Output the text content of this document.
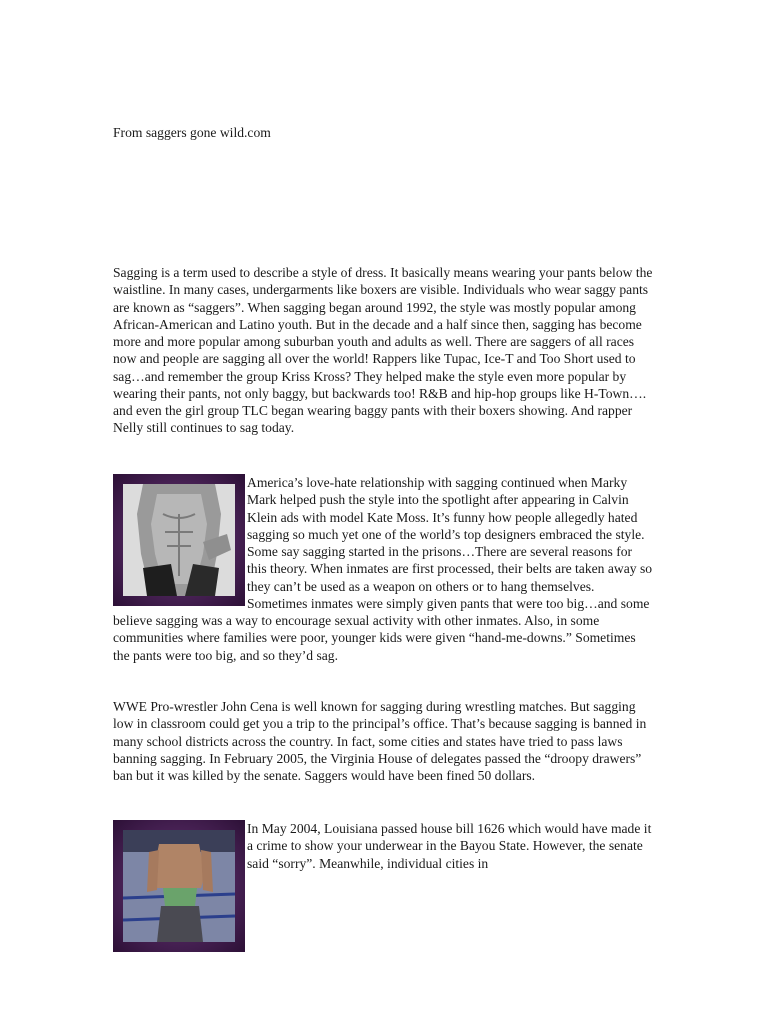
From saggers gone wild.com

Sagging is a term used to describe a style of dress. It basically means wearing your pants below the waistline. In many cases, undergarments like boxers are visible. Individuals who wear saggy pants are known as “saggers”. When sagging began around 1992, the style was mostly popular among African-American and Latino youth. But in the decade and a half since then, sagging has become more and more popular among suburban youth and adults as well. There are saggers of all races now and people are sagging all over the world! Rappers like Tupac, Ice-T and Too Short used to sag…and remember the group Kriss Kross? They helped make the style even more popular by wearing their pants, not only baggy, but backwards too! R&B and hip-hop groups like H-Town…. and even the girl group TLC began wearing baggy pants with their boxers showing. And rapper Nelly still continues to sag today.

America’s love-hate relationship with sagging continued when Marky Mark helped push the style into the spotlight after appearing in Calvin Klein ads with model Kate Moss. It’s funny how people allegedly hated sagging so much yet one of the world’s top designers embraced the style. Some say sagging started in the prisons…There are several reasons for this theory. When inmates are first processed, their belts are taken away so they can’t be used as a weapon on others or to hang themselves. Sometimes inmates were simply given pants that were too big…and some believe sagging was a way to encourage sexual activity with other inmates. Also, in some communities where families were poor, younger kids were given “hand-me-downs.” Sometimes the pants were too big, and so they’d sag.

WWE Pro-wrestler John Cena is well known for sagging during wrestling matches. But sagging low in classroom could get you a trip to the principal’s office. That’s because sagging is banned in many school districts across the country. In fact, some cities and states have tried to pass laws banning sagging. In February 2005, the Virginia House of delegates passed the “droopy drawers” ban but it was killed by the senate. Saggers would have been fined 50 dollars.

In May 2004, Louisiana passed house bill 1626 which would have made it a crime to show your underwear in the Bayou State. However, the senate said “sorry”. Meanwhile, individual cities in
